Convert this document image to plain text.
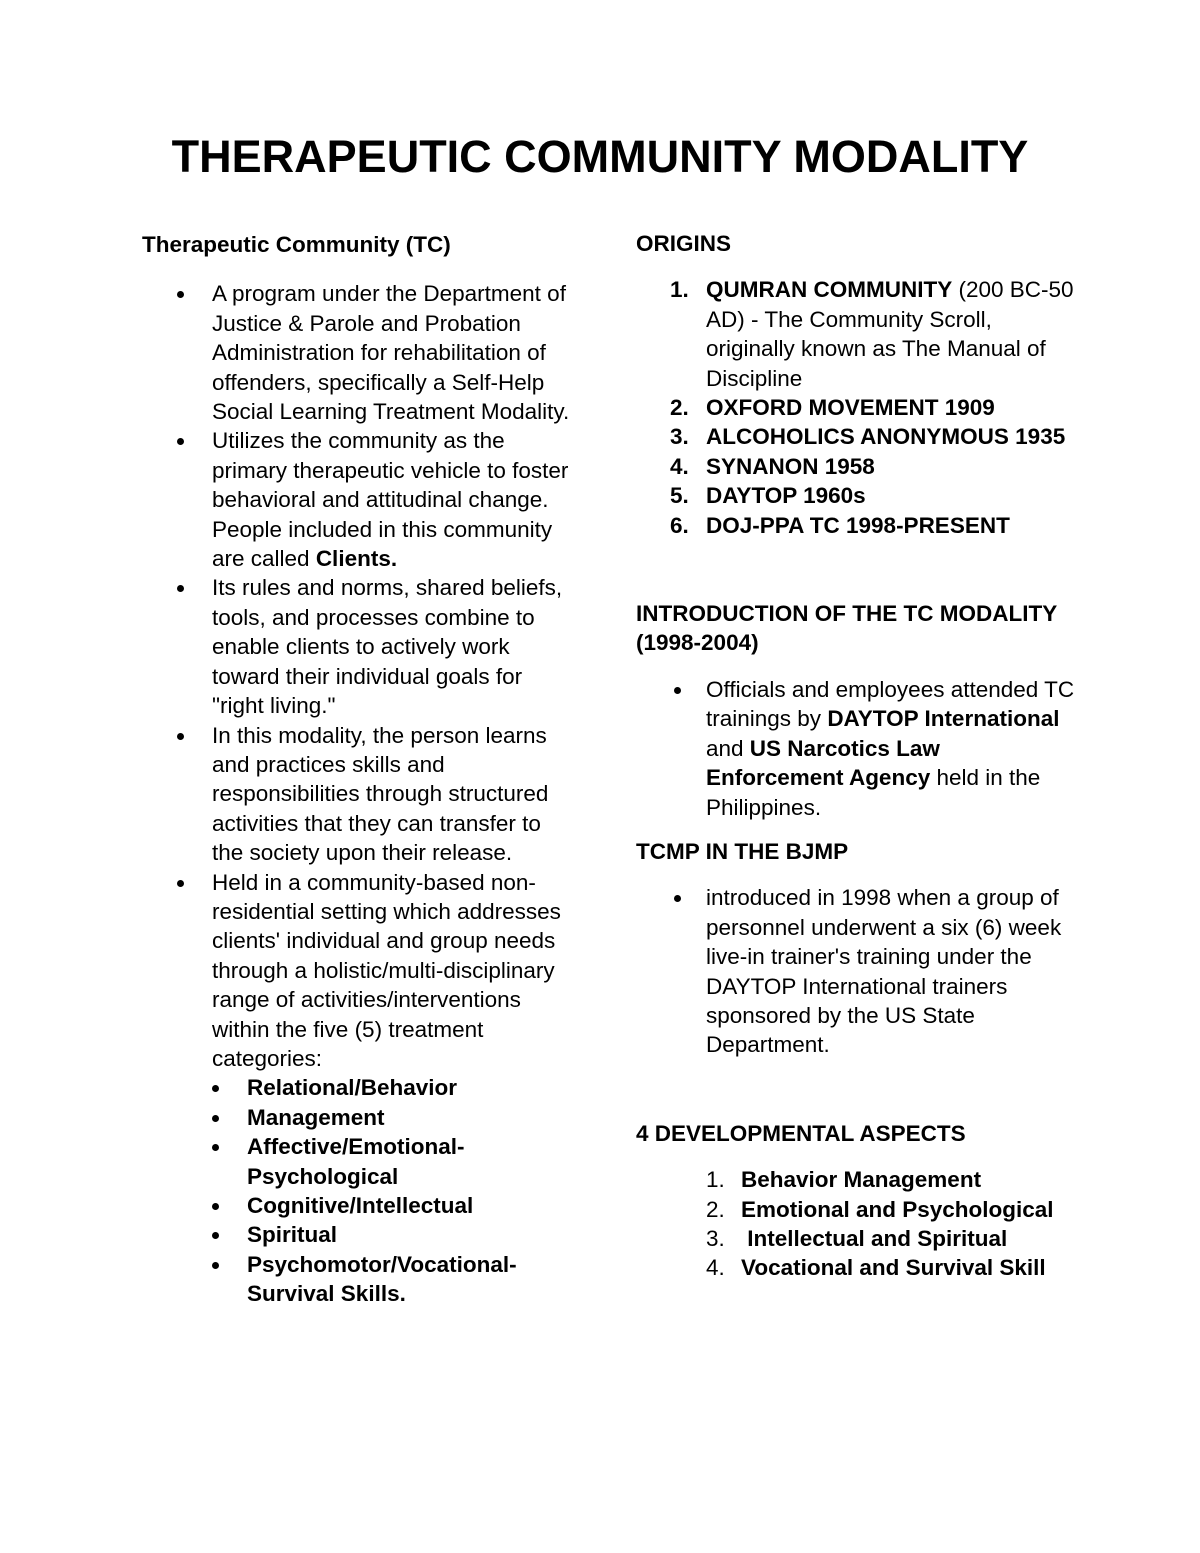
THERAPEUTIC COMMUNITY MODALITY

Therapeutic Community (TC)

A program under the Department of Justice & Parole and Probation Administration for rehabilitation of offenders, specifically a Self-Help Social Learning Treatment Modality.
Utilizes the community as the primary therapeutic vehicle to foster behavioral and attitudinal change. People included in this community are called Clients.
Its rules and norms, shared beliefs, tools, and processes combine to enable clients to actively work toward their individual goals for "right living."
In this modality, the person learns and practices skills and responsibilities through structured activities that they can transfer to the society upon their release.
Held in a community-based non-residential setting which addresses clients' individual and group needs through a holistic/multi-disciplinary range of activities/interventions within the five (5) treatment categories:
Relational/Behavior
Management
Affective/Emotional-Psychological
Cognitive/Intellectual
Spiritual
Psychomotor/Vocational-Survival Skills.

ORIGINS

1. QUMRAN COMMUNITY (200 BC-50 AD) - The Community Scroll, originally known as The Manual of Discipline
2. OXFORD MOVEMENT 1909
3. ALCOHOLICS ANONYMOUS 1935
4. SYNANON 1958
5. DAYTOP 1960s
6. DOJ-PPA TC 1998-PRESENT

INTRODUCTION OF THE TC MODALITY (1998-2004)

Officials and employees attended TC trainings by DAYTOP International and US Narcotics Law Enforcement Agency held in the Philippines.

TCMP IN THE BJMP

introduced in 1998 when a group of personnel underwent a six (6) week live-in trainer's training under the DAYTOP International trainers sponsored by the US State Department.

4 DEVELOPMENTAL ASPECTS

1. Behavior Management
2. Emotional and Psychological
3. Intellectual and Spiritual
4. Vocational and Survival Skill
